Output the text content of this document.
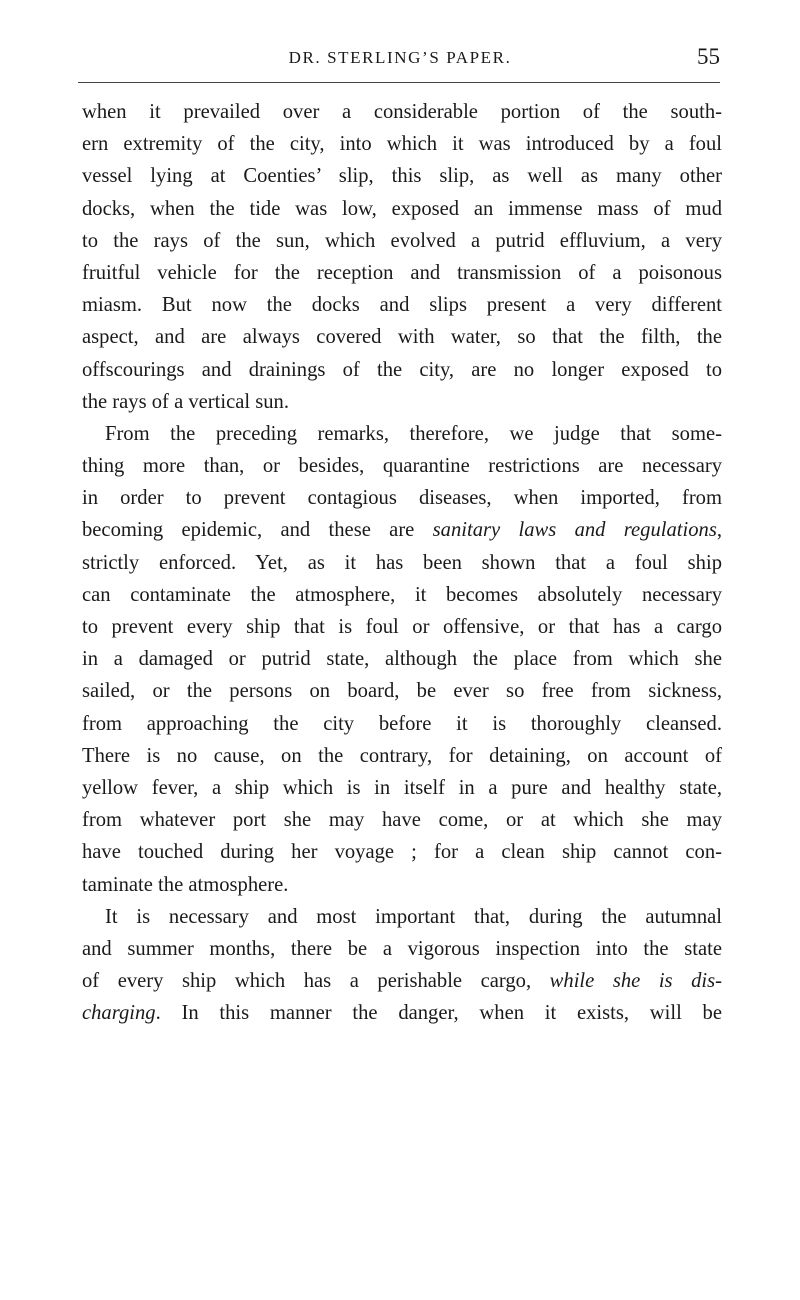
DR. STERLING’S PAPER.	55
when it prevailed over a considerable portion of the south-
ern extremity of the city, into which it was introduced by a foul
vessel lying at Coenties’ slip, this slip, as well as many other
docks, when the tide was low, exposed an immense mass of mud
to the rays of the sun, which evolved a putrid effluvium, a very
fruitful vehicle for the reception and transmission of a poisonous
miasm. But now the docks and slips present a very different
aspect, and are always covered with water, so that the filth, the
offscourings and drainings of the city, are no longer exposed to
the rays of a vertical sun.
From the preceding remarks, therefore, we judge that some-
thing more than, or besides, quarantine restrictions are necessary
in order to prevent contagious diseases, when imported, from
becoming epidemic, and these are sanitary laws and regulations,
strictly enforced. Yet, as it has been shown that a foul ship
can contaminate the atmosphere, it becomes absolutely necessary
to prevent every ship that is foul or offensive, or that has a cargo
in a damaged or putrid state, although the place from which she
sailed, or the persons on board, be ever so free from sickness,
from approaching the city before it is thoroughly cleansed.
There is no cause, on the contrary, for detaining, on account of
yellow fever, a ship which is in itself in a pure and healthy state,
from whatever port she may have come, or at which she may
have touched during her voyage ; for a clean ship cannot con-
taminate the atmosphere.
It is necessary and most important that, during the autumnal
and summer months, there be a vigorous inspection into the state
of every ship which has a perishable cargo, while she is dis-
charging. In this manner the danger, when it exists, will be
